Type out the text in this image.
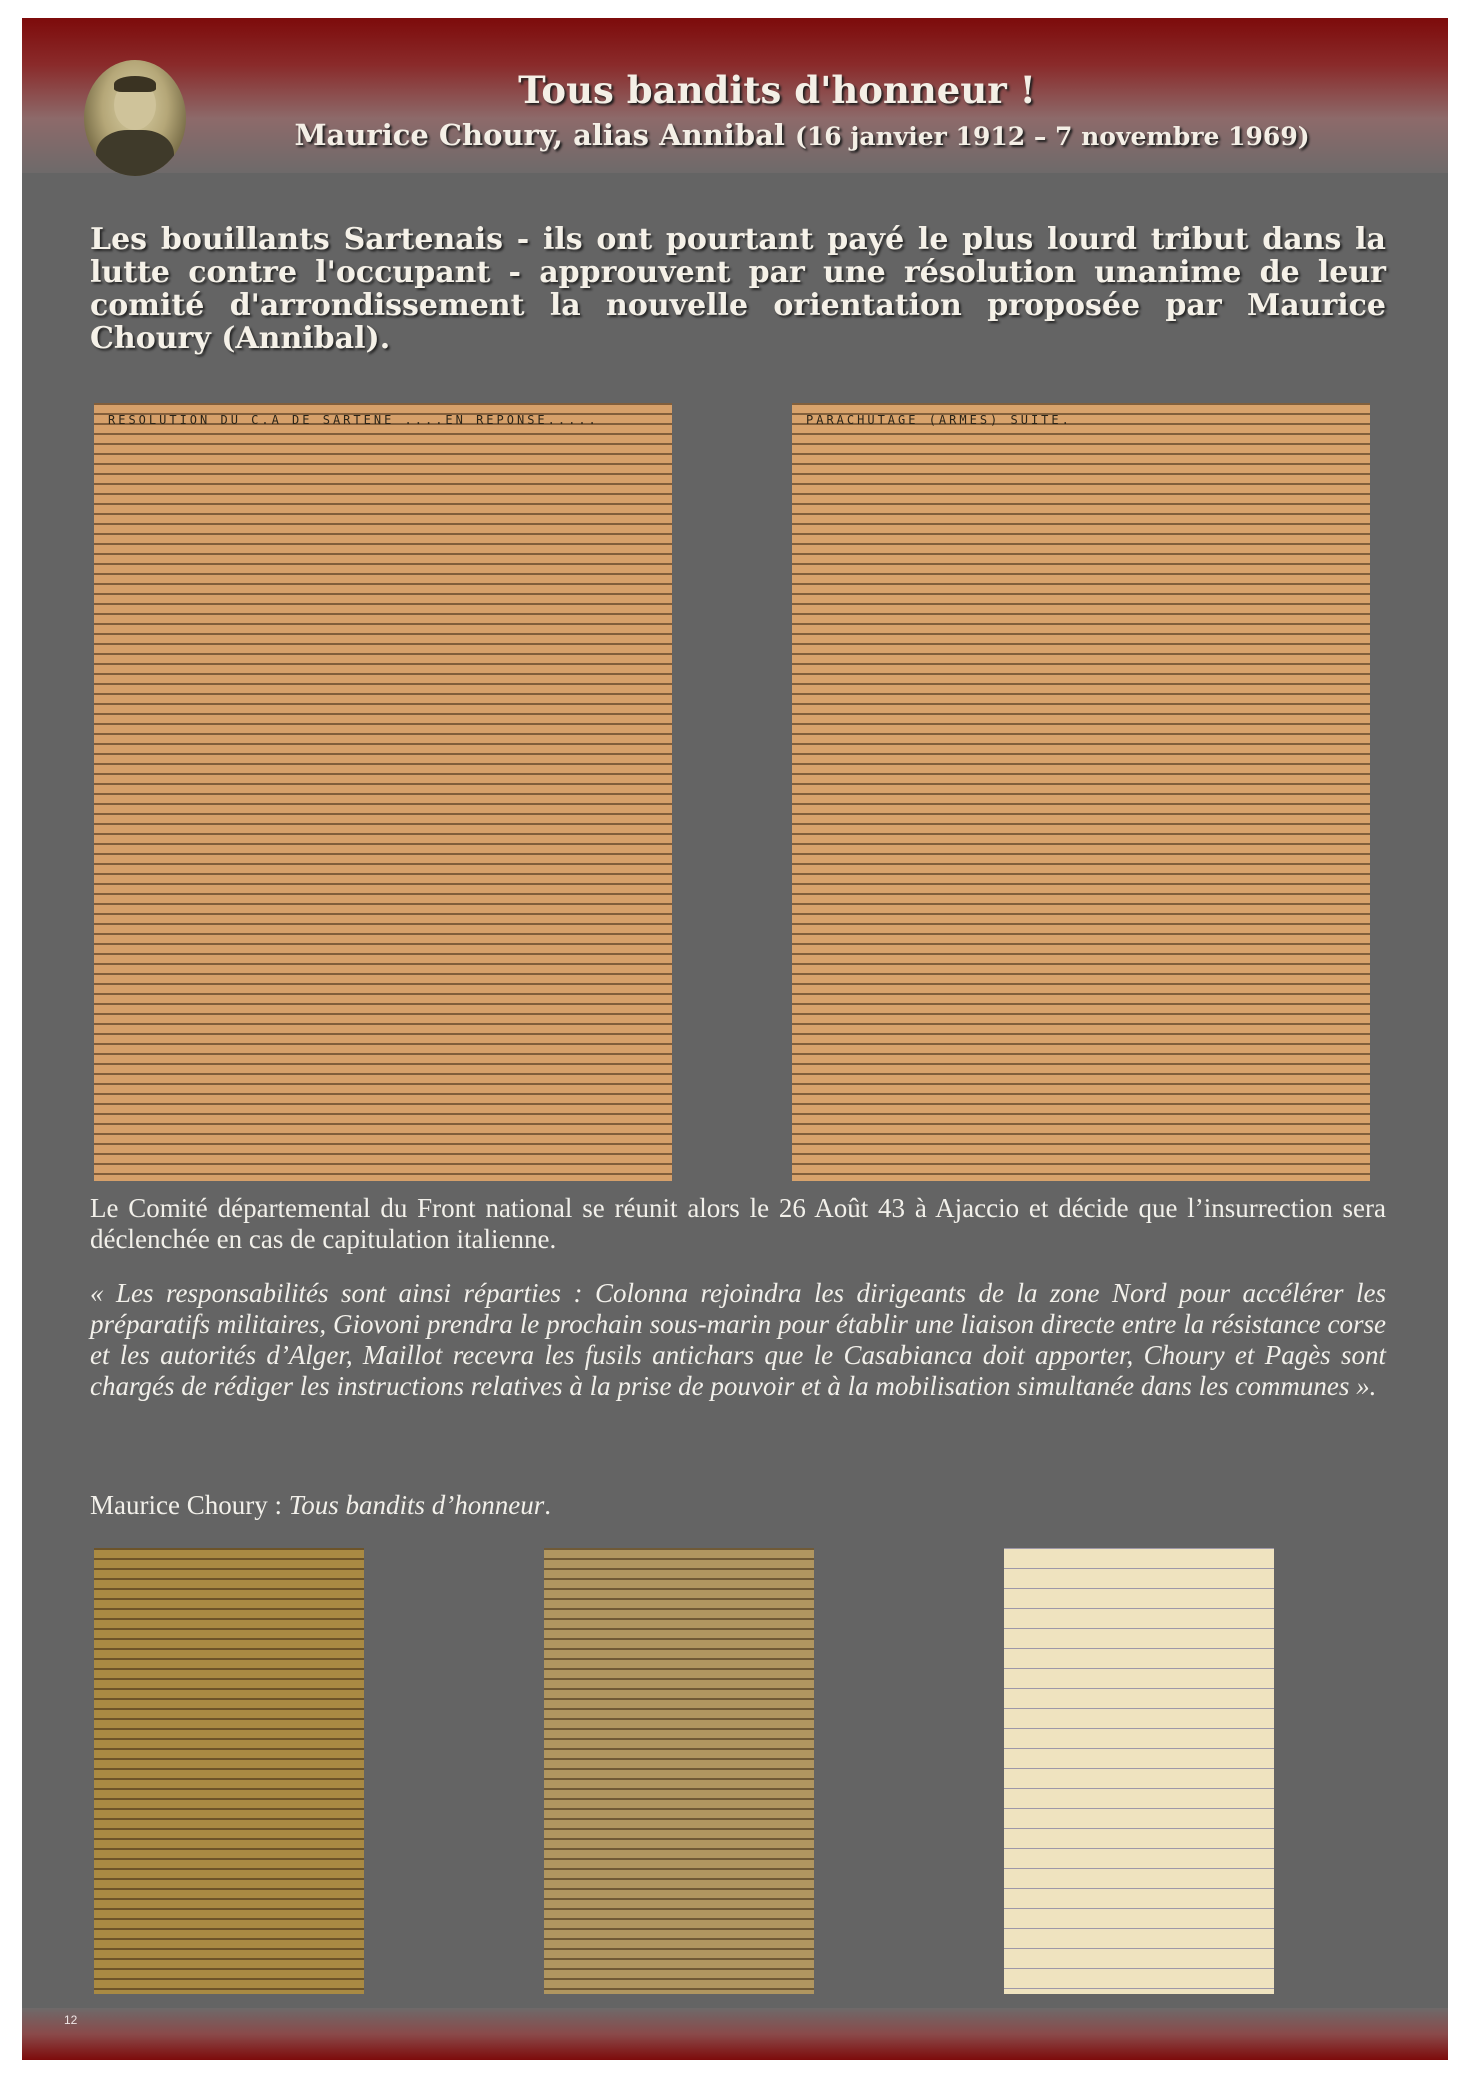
Tous bandits d'honneur !
Maurice Choury, alias Annibal (16 janvier 1912 – 7 novembre 1969)
Les bouillants Sartenais - ils ont pourtant payé le plus lourd tribut dans la lutte contre l'occupant - approuvent par une résolution unanime de leur comité d'arrondissement la nouvelle orientation proposée par Maurice Choury (Annibal).
RESOLUTION DU C.A DE SARTENE ....EN REPONSE.....	PARACHUTAGE (ARMES) SUITE.
Le Comité départemental du Front national se réunit alors le 26 Août 43 à Ajaccio et décide que l’insurrection sera déclenchée en cas de capitulation italienne.
« Les responsabilités sont ainsi réparties : Colonna rejoindra les dirigeants de la zone Nord pour accélérer les préparatifs militaires, Giovoni prendra le prochain sous-marin pour établir une liaison directe entre la résistance corse et les autorités d’Alger, Maillot recevra les fusils antichars que le Casabianca doit apporter, Choury et Pagès sont chargés de rédiger les instructions relatives à la prise de pouvoir et à la mobilisation simultanée dans les communes ».
Maurice Choury : Tous bandits d’honneur.
12
